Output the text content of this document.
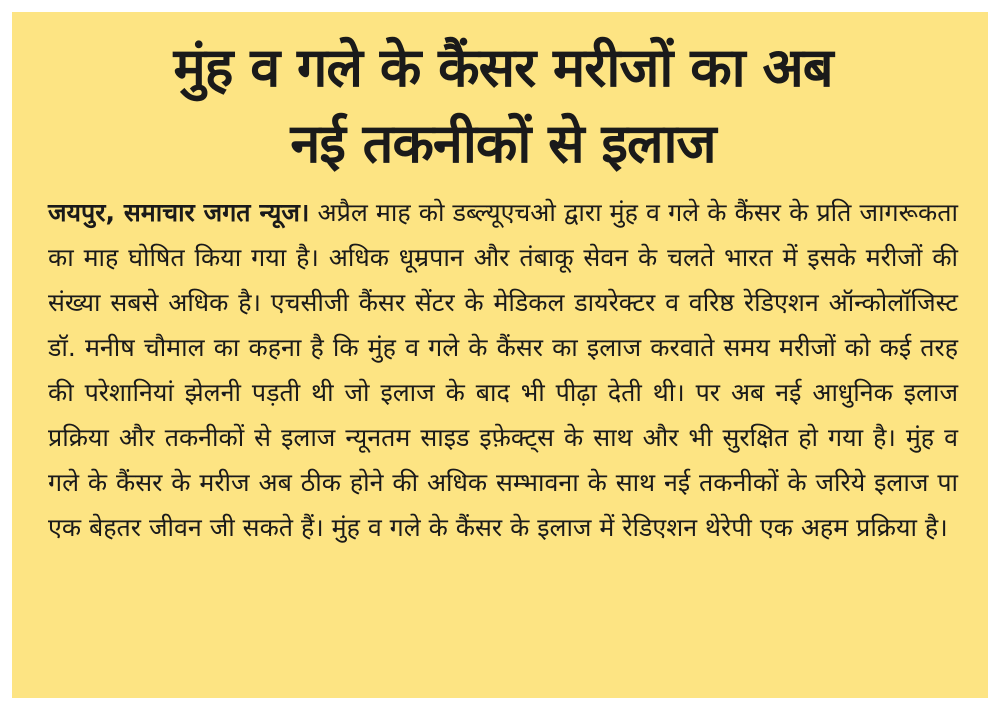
मुंह व गले के कैंसर मरीजों का अब
नई तकनीकों से इलाज

जयपुर, समाचार जगत न्यूज। अप्रैल माह को डब्ल्यूएचओ द्वारा मुंह व गले के कैंसर के प्रति जागरूकता का माह घोषित किया गया है। अधिक धूम्रपान और तंबाकू सेवन के चलते भारत में इसके मरीजों की संख्या सबसे अधिक है। एचसीजी कैंसर सेंटर के मेडिकल डायरेक्टर व वरिष्ठ रेडिएशन ऑन्कोलॉजिस्ट डॉ. मनीष चौमाल का कहना है कि मुंह व गले के कैंसर का इलाज करवाते समय मरीजों को कई तरह की परेशानियां झेलनी पड़ती थी जो इलाज के बाद भी पीढ़ा देती थी। पर अब नई आधुनिक इलाज प्रक्रिया और तकनीकों से इलाज न्यूनतम साइड इफ़ेक्ट्स के साथ और भी सुरक्षित हो गया है। मुंह व गले के कैंसर के मरीज अब ठीक होने की अधिक सम्भावना के साथ नई तकनीकों के जरिये इलाज पा एक बेहतर जीवन जी सकते हैं। मुंह व गले के कैंसर के इलाज में रेडिएशन थेरेपी एक अहम प्रक्रिया है।
